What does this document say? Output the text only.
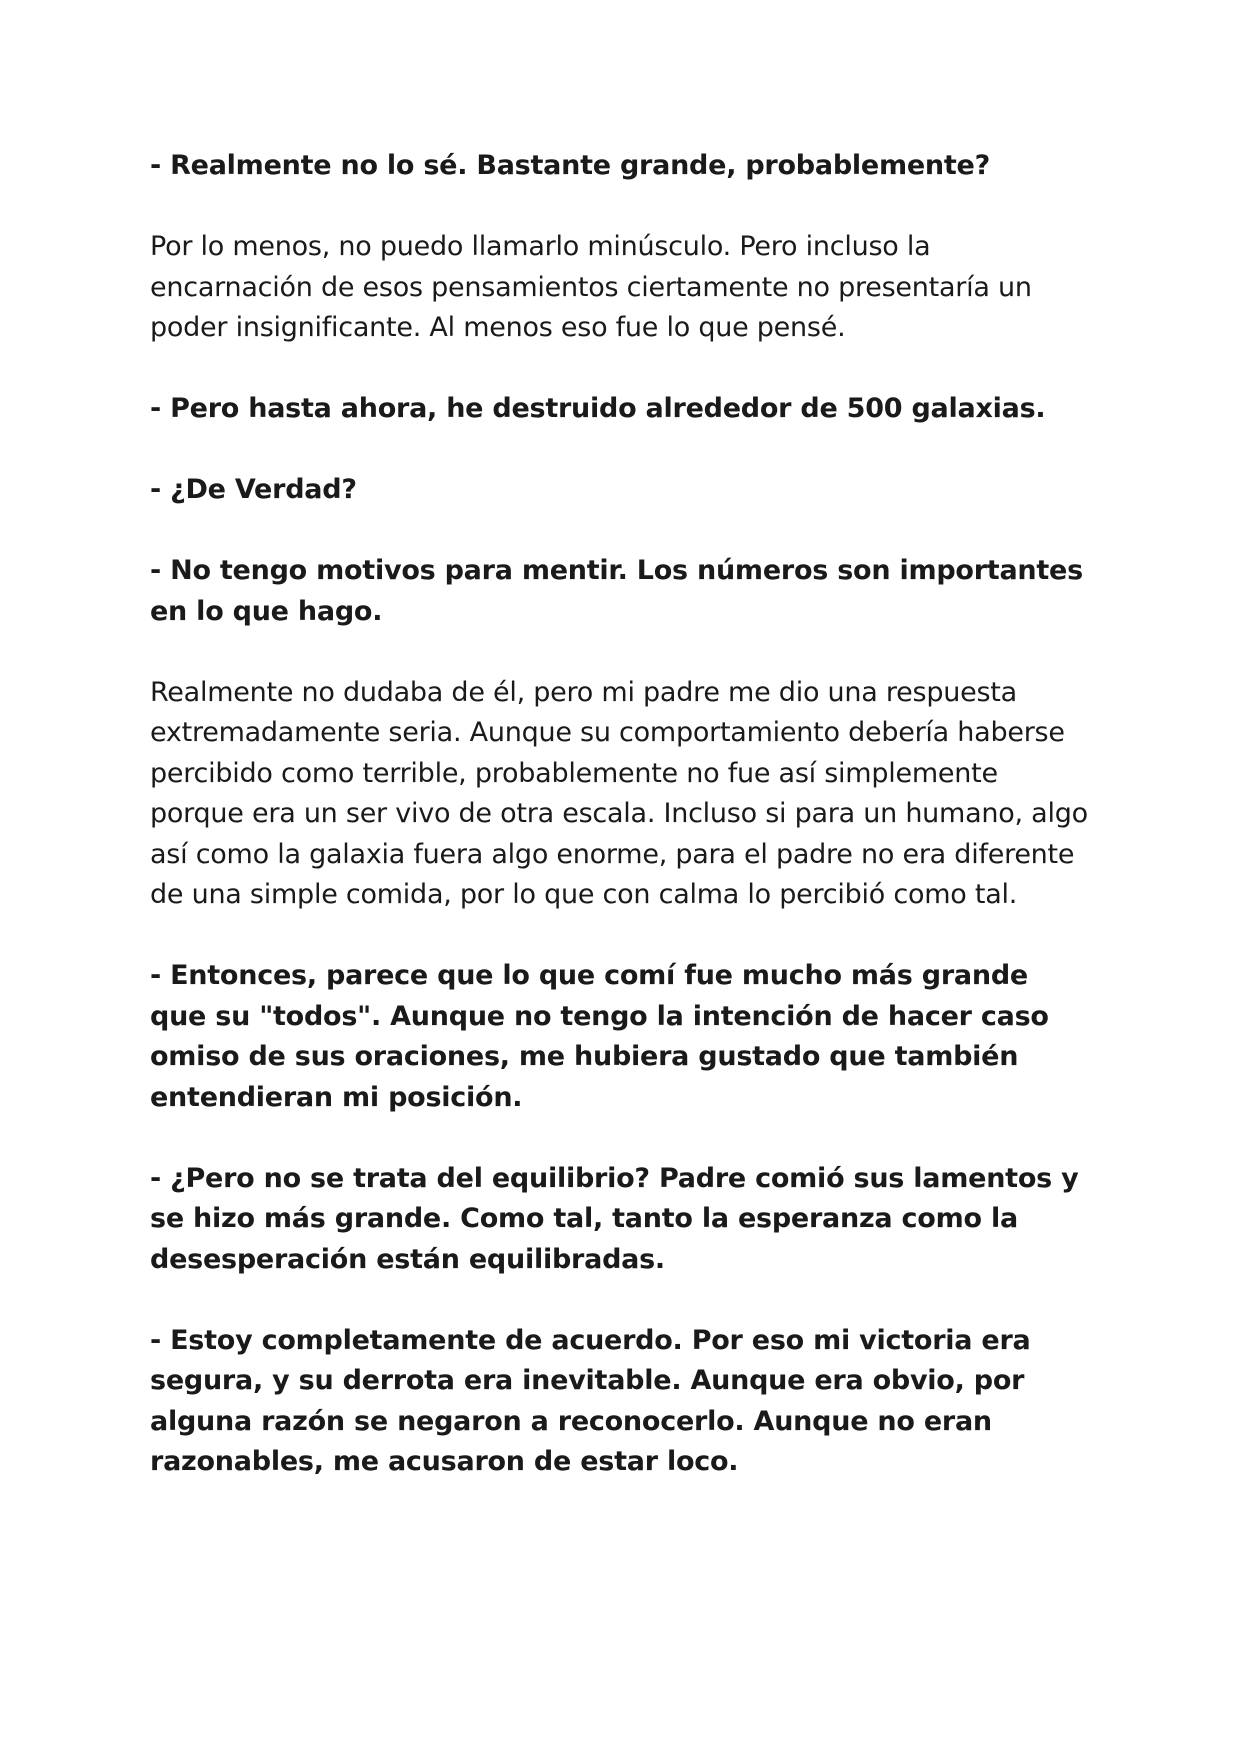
- Realmente no lo sé. Bastante grande, probablemente?

Por lo menos, no puedo llamarlo minúsculo. Pero incluso la encarnación de esos pensamientos ciertamente no presentaría un poder insignificante. Al menos eso fue lo que pensé.

- Pero hasta ahora, he destruido alrededor de 500 galaxias.

- ¿De Verdad?

- No tengo motivos para mentir. Los números son importantes en lo que hago.

Realmente no dudaba de él, pero mi padre me dio una respuesta extremadamente seria. Aunque su comportamiento debería haberse percibido como terrible, probablemente no fue así simplemente porque era un ser vivo de otra escala. Incluso si para un humano, algo así como la galaxia fuera algo enorme, para el padre no era diferente de una simple comida, por lo que con calma lo percibió como tal.

- Entonces, parece que lo que comí fue mucho más grande que su "todos". Aunque no tengo la intención de hacer caso omiso de sus oraciones, me hubiera gustado que también entendieran mi posición.

- ¿Pero no se trata del equilibrio? Padre comió sus lamentos y se hizo más grande. Como tal, tanto la esperanza como la desesperación están equilibradas.

- Estoy completamente de acuerdo. Por eso mi victoria era segura, y su derrota era inevitable. Aunque era obvio, por alguna razón se negaron a reconocerlo. Aunque no eran razonables, me acusaron de estar loco.
